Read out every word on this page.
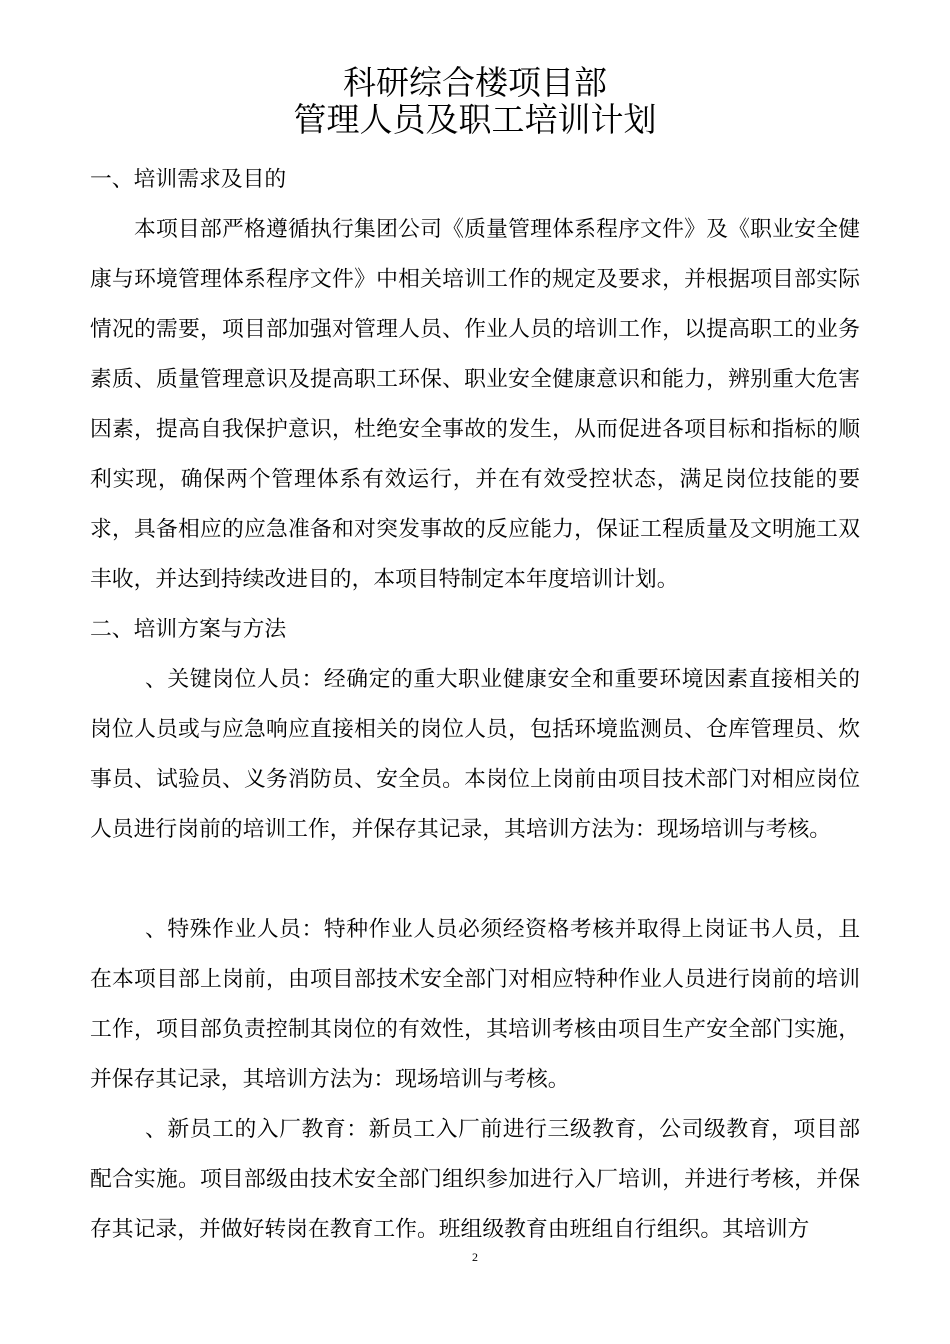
科研综合楼项目部
管理人员及职工培训计划

一、培训需求及目的

本项目部严格遵循执行集团公司《质量管理体系程序文件》及《职业安全健康与环境管理体系程序文件》中相关培训工作的规定及要求，并根据项目部实际情况的需要，项目部加强对管理人员、作业人员的培训工作，以提高职工的业务素质、质量管理意识及提高职工环保、职业安全健康意识和能力，辨别重大危害因素，提高自我保护意识，杜绝安全事故的发生，从而促进各项目标和指标的顺利实现，确保两个管理体系有效运行，并在有效受控状态，满足岗位技能的要求，具备相应的应急准备和对突发事故的反应能力，保证工程质量及文明施工双丰收，并达到持续改进目的，本项目特制定本年度培训计划。

二、培训方案与方法

、关键岗位人员：经确定的重大职业健康安全和重要环境因素直接相关的岗位人员或与应急响应直接相关的岗位人员，包括环境监测员、仓库管理员、炊事员、试验员、义务消防员、安全员。本岗位上岗前由项目技术部门对相应岗位人员进行岗前的培训工作，并保存其记录，其培训方法为：现场培训与考核。

、特殊作业人员：特种作业人员必须经资格考核并取得上岗证书人员，且在本项目部上岗前，由项目部技术安全部门对相应特种作业人员进行岗前的培训工作，项目部负责控制其岗位的有效性，其培训考核由项目生产安全部门实施，并保存其记录，其培训方法为：现场培训与考核。

、新员工的入厂教育：新员工入厂前进行三级教育，公司级教育，项目部配合实施。项目部级由技术安全部门组织参加进行入厂培训，并进行考核，并保存其记录，并做好转岗在教育工作。班组级教育由班组自行组织。其培训方

2
